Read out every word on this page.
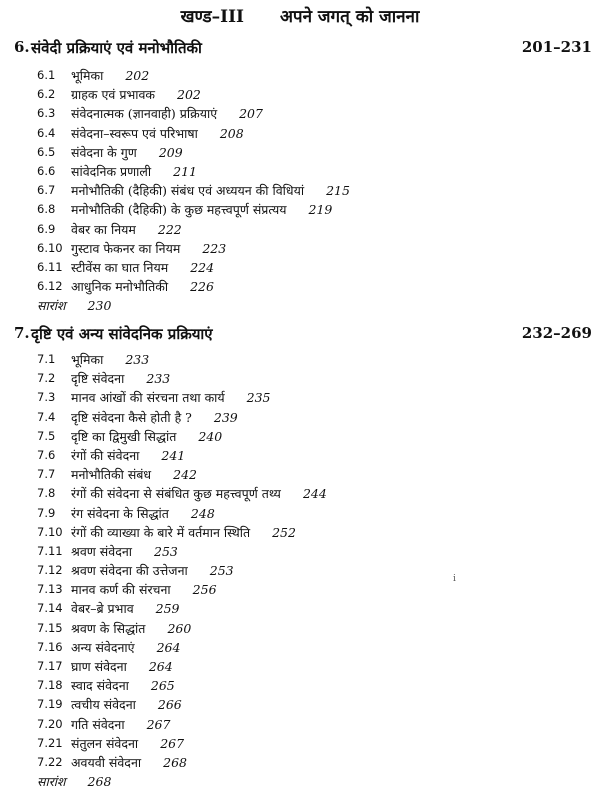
खण्ड–III अपने जगत् को जानना
6. संवेदी प्रक्रियाएं एवं मनोभौतिकी	201–231
6.1 भूमिका 202
6.2 ग्राहक एवं प्रभावक 202
6.3 संवेदनात्मक (ज्ञानवाही) प्रक्रियाएं 207
6.4 संवेदना–स्वरूप एवं परिभाषा 208
6.5 संवेदना के गुण 209
6.6 सांवेदनिक प्रणाली 211
6.7 मनोभौतिकी (दैहिकी) संबंध एवं अध्ययन की विधियां 215
6.8 मनोभौतिकी (दैहिकी) के कुछ महत्त्वपूर्ण संप्रत्यय 219
6.9 वेबर का नियम 222
6.10 गुस्टाव फेकनर का नियम 223
6.11 स्टीवेंस का घात नियम 224
6.12 आधुनिक मनोभौतिकी 226
सारांश 230
7. दृष्टि एवं अन्य सांवेदनिक प्रक्रियाएं	232–269
7.1 भूमिका 233
7.2 दृष्टि संवेदना 233
7.3 मानव आंखों की संरचना तथा कार्य 235
7.4 दृष्टि संवेदना कैसे होती है ? 239
7.5 दृष्टि का द्विमुखी सिद्धांत 240
7.6 रंगों की संवेदना 241
7.7 मनोभौतिकी संबंध 242
7.8 रंगों की संवेदना से संबंधित कुछ महत्त्वपूर्ण तथ्य 244
7.9 रंग संवेदना के सिद्धांत 248
7.10 रंगों की व्याख्या के बारे में वर्तमान स्थिति 252
7.11 श्रवण संवेदना 253
7.12 श्रवण संवेदना की उत्तेजना 253
7.13 मानव कर्ण की संरचना 256
7.14 वेबर–ब्रे प्रभाव 259
7.15 श्रवण के सिद्धांत 260
7.16 अन्य संवेदनाएं 264
7.17 घ्राण संवेदना 264
7.18 स्वाद संवेदना 265
7.19 त्वचीय संवेदना 266
7.20 गति संवेदना 267
7.21 संतुलन संवेदना 267
7.22 अवयवी संवेदना 268
सारांश 268
i
